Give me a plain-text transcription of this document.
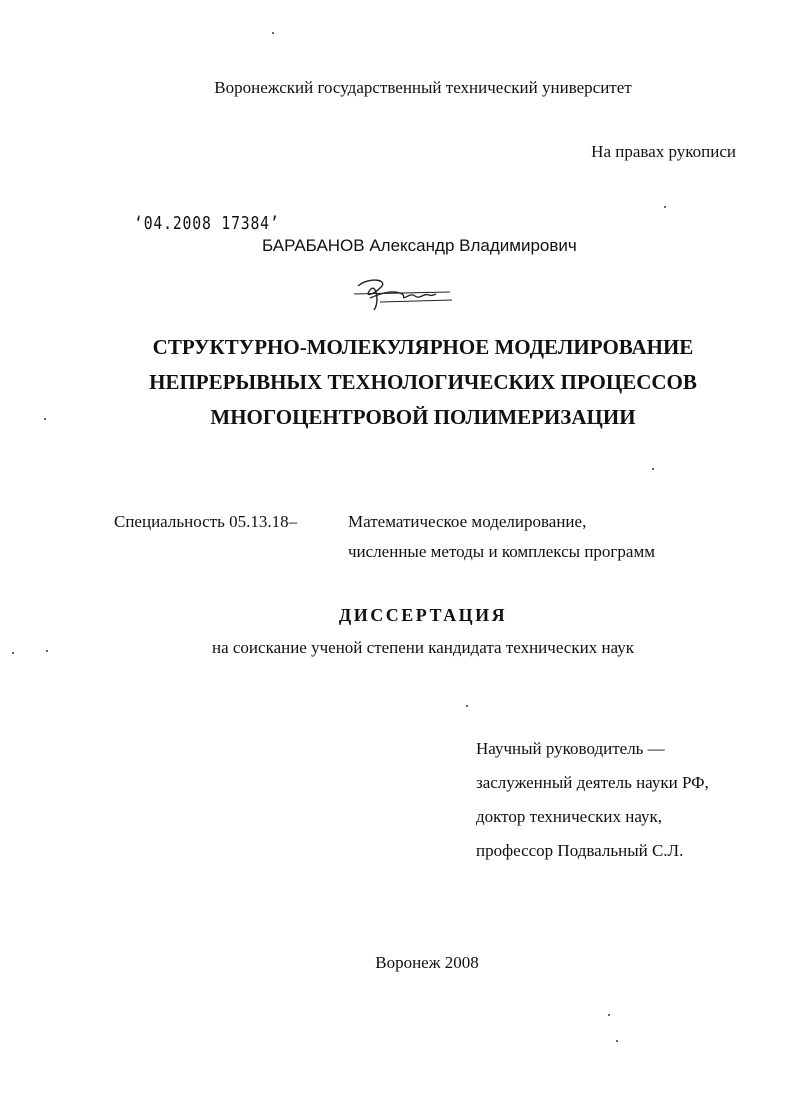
Воронежский государственный технический университет
На правах рукописи
‘04.2008 17384’
БАРАБАНОВ Александр Владимирович
СТРУКТУРНО-МОЛЕКУЛЯРНОЕ МОДЕЛИРОВАНИЕ
НЕПРЕРЫВНЫХ ТЕХНОЛОГИЧЕСКИХ ПРОЦЕССОВ
МНОГОЦЕНТРОВОЙ ПОЛИМЕРИЗАЦИИ
Специальность 05.13.18–	Математическое моделирование,
численные методы и комплексы программ
ДИССЕРТАЦИЯ
на соискание ученой степени кандидата технических наук
Научный руководитель —
заслуженный деятель науки РФ,
доктор технических наук,
профессор Подвальный С.Л.
Воронеж 2008
